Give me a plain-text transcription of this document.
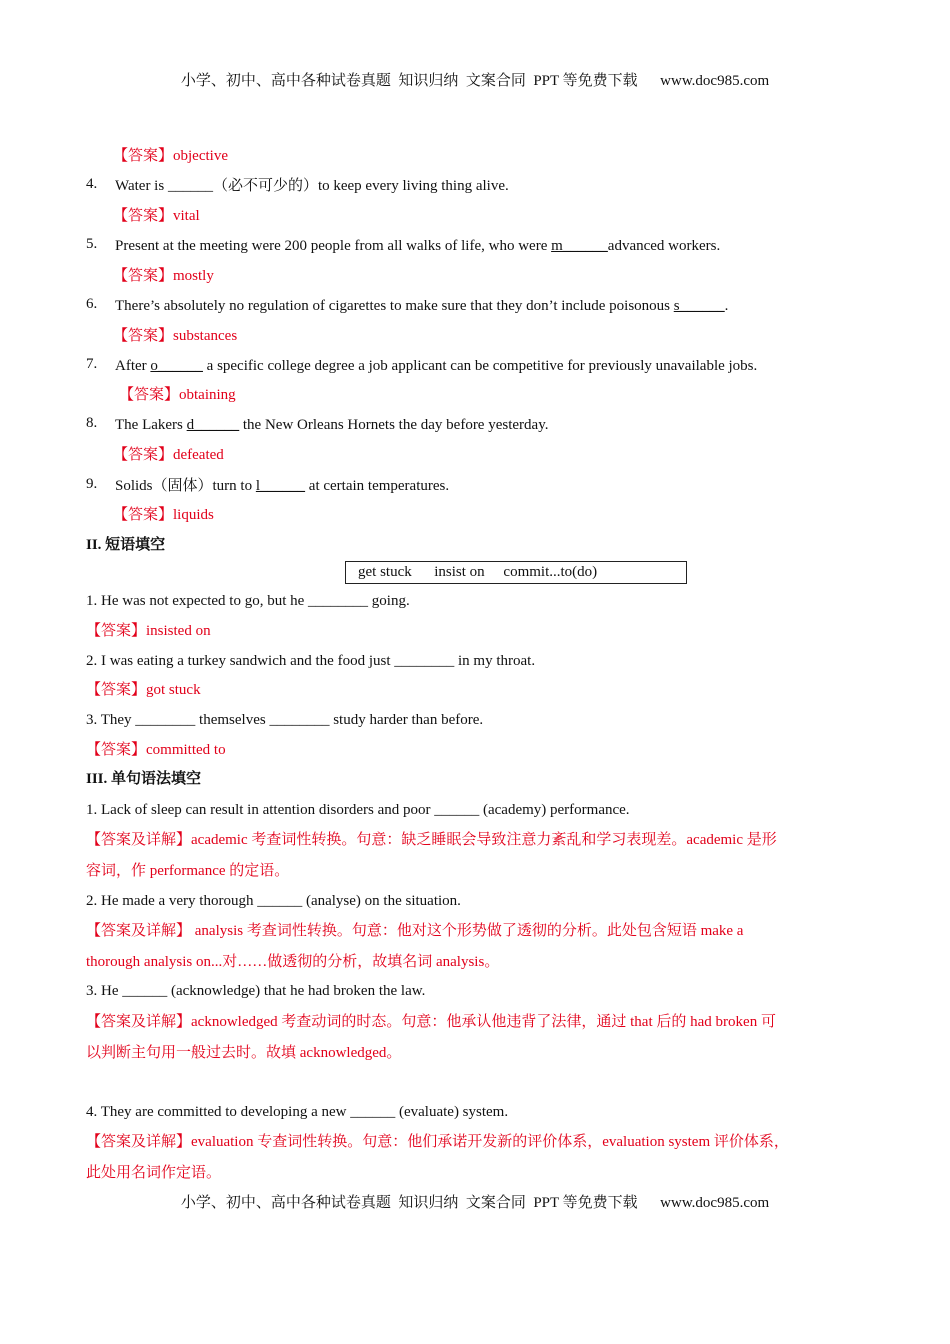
小学、初中、高中各种试卷真题  知识归纳  文案合同  PPT 等免费下载      www.doc985.com
【答案】objective
4. Water is ______（必不可少的）to keep every living thing alive.
【答案】vital
5. Present at the meeting were 200 people from all walks of life, who were m______advanced workers.
【答案】mostly
6. There’s absolutely no regulation of cigarettes to make sure that they don’t include poisonous s______.
【答案】substances
7. After o______ a specific college degree a job applicant can be competitive for previously unavailable jobs.
【答案】obtaining
8. The Lakers d______ the New Orleans Hornets the day before yesterday.
【答案】defeated
9. Solids（固体）turn to l______ at certain temperatures.
【答案】liquids
II. 短语填空
get stuck      insist on     commit...to(do)
1. He was not expected to go, but he ________ going.
【答案】insisted on
2. I was eating a turkey sandwich and the food just ________ in my throat.
【答案】got stuck
3. They ________ themselves ________ study harder than before.
【答案】committed to
III. 单句语法填空
1. Lack of sleep can result in attention disorders and poor ______ (academy) performance.
【答案及详解】academic 考查词性转换。句意：缺乏睡眠会导致注意力紊乱和学习表现差。academic 是形
容词，作 performance 的定语。
2. He made a very thorough ______ (analyse) on the situation.
【答案及详解】 analysis 考查词性转换。句意：他对这个形势做了透彻的分析。此处包含短语 make a
thorough analysis on...对……做透彻的分析，故填名词 analysis。
3. He ______ (acknowledge) that he had broken the law.
【答案及详解】acknowledged 考查动词的时态。句意：他承认他违背了法律，通过 that 后的 had broken 可
以判断主句用一般过去时。故填 acknowledged。
4. They are committed to developing a new ______ (evaluate) system.
【答案及详解】evaluation 专查词性转换。句意：他们承诺开发新的评价体系，evaluation system 评价体系，
此处用名词作定语。
小学、初中、高中各种试卷真题  知识归纳  文案合同  PPT 等免费下载      www.doc985.com
